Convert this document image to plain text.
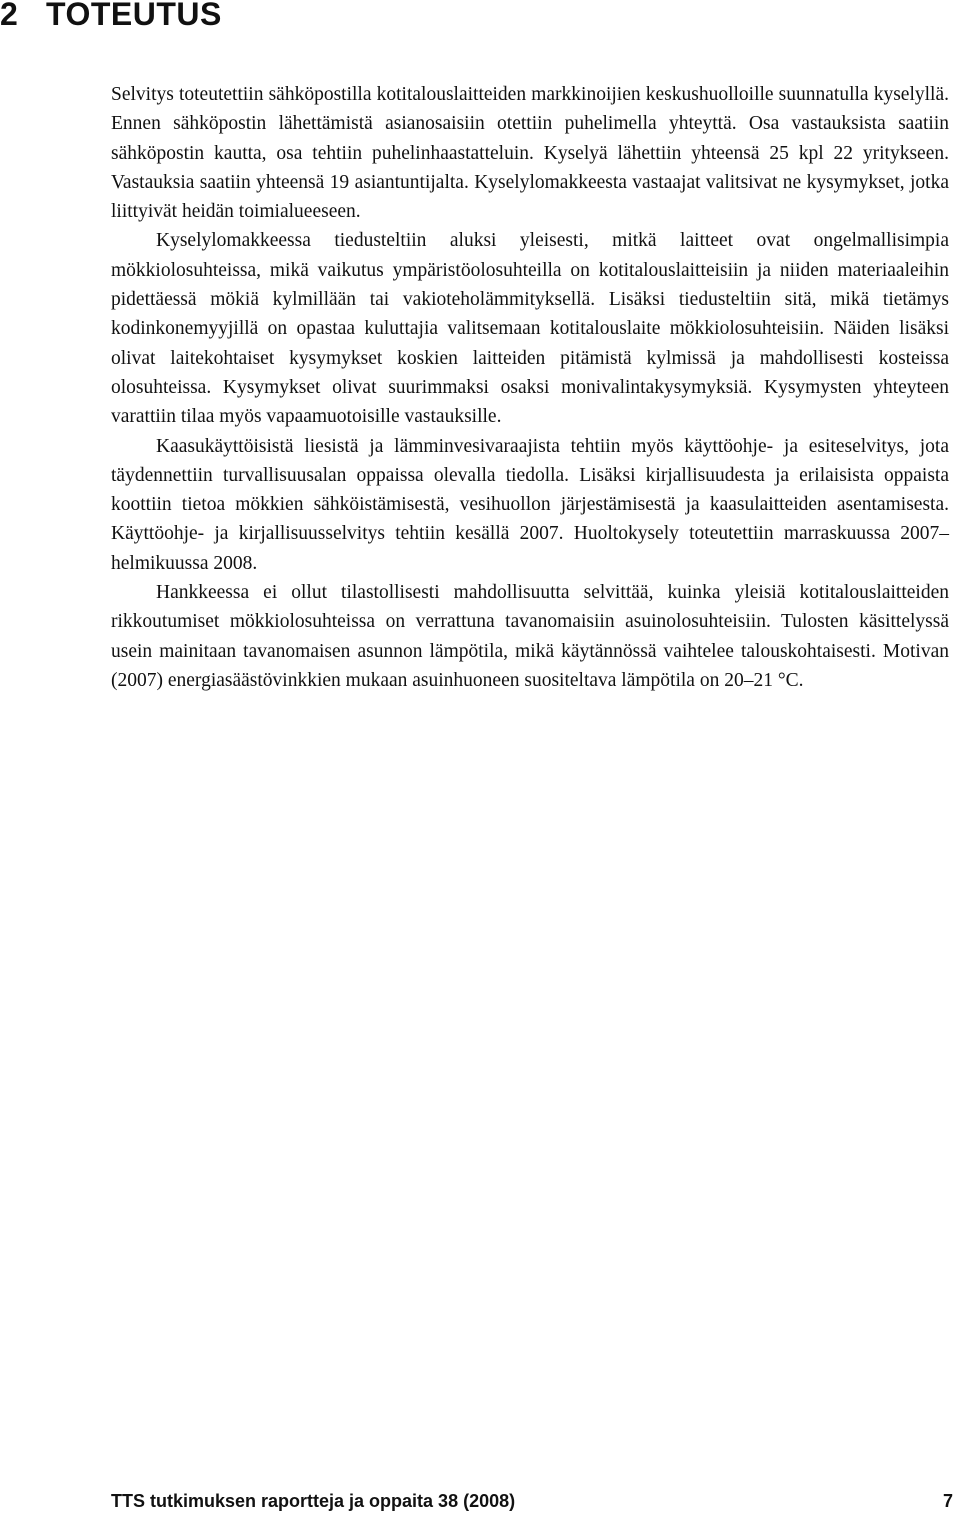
2 TOTEUTUS

Selvitys toteutettiin sähköpostilla kotitalouslaitteiden markkinoijien keskushuolloille suunnatulla kyselyllä. Ennen sähköpostin lähettämistä asianosaisiin otettiin puhelimella yhteyttä. Osa vastauksista saatiin sähköpostin kautta, osa tehtiin puhelinhaastatteluin. Kyselyä lähettiin yhteensä 25 kpl 22 yritykseen. Vastauksia saatiin yhteensä 19 asiantuntijalta. Kyselylomakkeesta vastaajat valitsivat ne kysymykset, jotka liittyivät heidän toimialueeseen.

Kyselylomakkeessa tiedusteltiin aluksi yleisesti, mitkä laitteet ovat ongelmallisimpia mökkiolosuhteissa, mikä vaikutus ympäristöolosuhteilla on kotitalouslaitteisiin ja niiden materiaaleihin pidettäessä mökiä kylmillään tai vakioteholämmityksellä. Lisäksi tiedusteltiin sitä, mikä tietämys kodinkonemyyjillä on opastaa kuluttajia valitsemaan kotitalouslaite mökkiolosuhteisiin. Näiden lisäksi olivat laitekohtaiset kysymykset koskien laitteiden pitämistä kylmissä ja mahdollisesti kosteissa olosuhteissa. Kysymykset olivat suurimmaksi osaksi monivalintakysymyksiä. Kysymysten yhteyteen varattiin tilaa myös vapaamuotoisille vastauksille.

Kaasukäyttöisistä liesistä ja lämminvesivaraajista tehtiin myös käyttöohje- ja esiteselvitys, jota täydennettiin turvallisuusalan oppaissa olevalla tiedolla. Lisäksi kirjallisuudesta ja erilaisista oppaista koottiin tietoa mökkien sähköistämisestä, vesihuollon järjestämisestä ja kaasulaitteiden asentamisesta. Käyttöohje- ja kirjallisuusselvitys tehtiin kesällä 2007. Huoltokysely toteutettiin marraskuussa 2007–helmikuussa 2008.

Hankkeessa ei ollut tilastollisesti mahdollisuutta selvittää, kuinka yleisiä kotitalouslaitteiden rikkoutumiset mökkiolosuhteissa on verrattuna tavanomaisiin asuinolosuhteisiin. Tulosten käsittelyssä usein mainitaan tavanomaisen asunnon lämpötila, mikä käytännössä vaihtelee talouskohtaisesti. Motivan (2007) energiasäästövinkkien mukaan asuinhuoneen suositeltava lämpötila on 20–21 °C.

TTS tutkimuksen raportteja ja oppaita 38 (2008)	7
